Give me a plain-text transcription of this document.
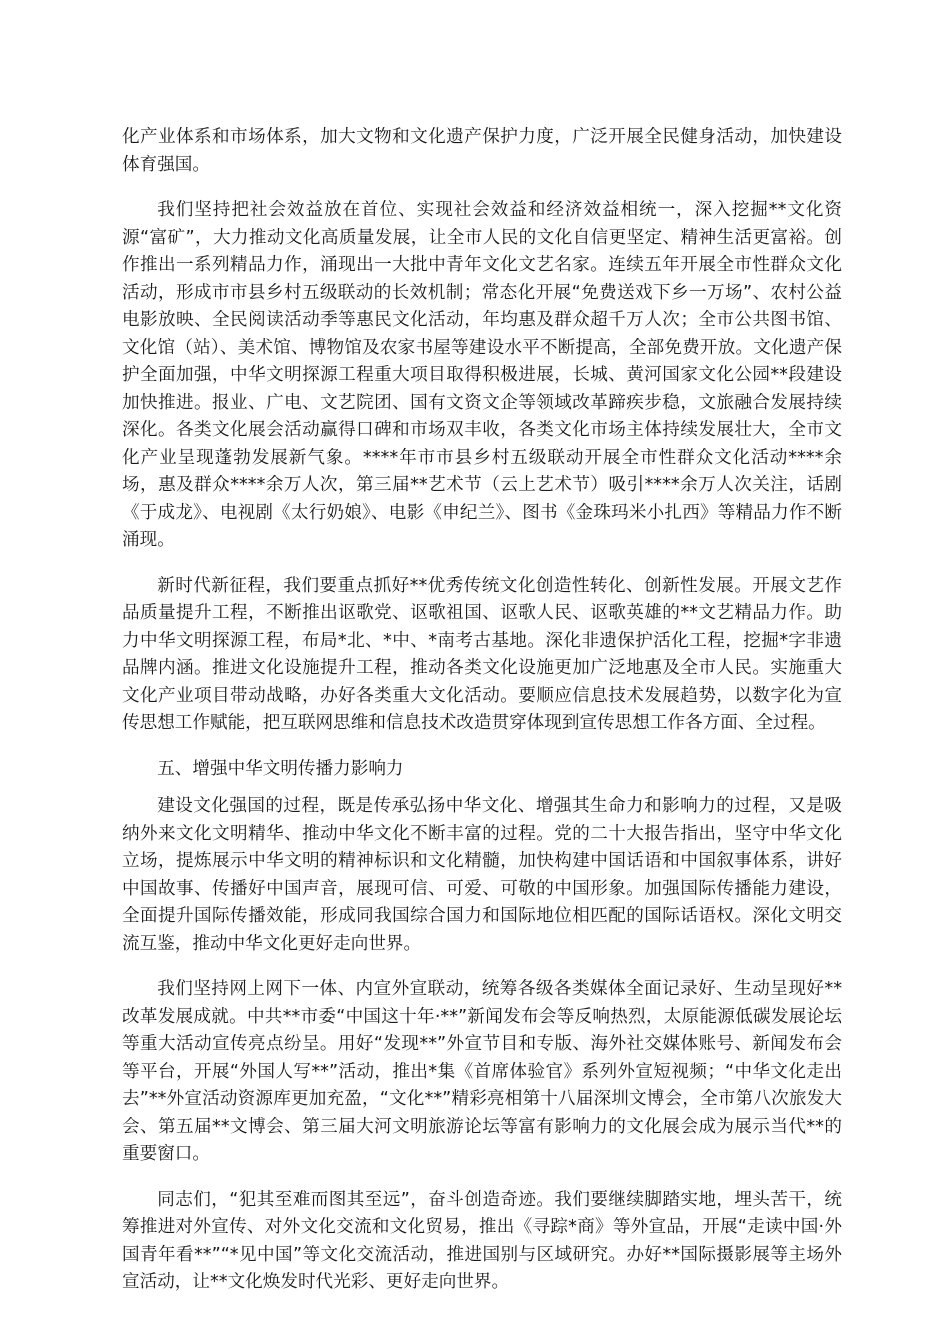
化产业体系和市场体系，加大文物和文化遗产保护力度，广泛开展全民健身活动，加快建设体育强国。

我们坚持把社会效益放在首位、实现社会效益和经济效益相统一，深入挖掘**文化资源“富矿”，大力推动文化高质量发展，让全市人民的文化自信更坚定、精神生活更富裕。创作推出一系列精品力作，涌现出一大批中青年文化文艺名家。连续五年开展全市性群众文化活动，形成市市县乡村五级联动的长效机制；常态化开展“免费送戏下乡一万场”、农村公益电影放映、全民阅读活动季等惠民文化活动，年均惠及群众超千万人次；全市公共图书馆、文化馆（站）、美术馆、博物馆及农家书屋等建设水平不断提高，全部免费开放。文化遗产保护全面加强，中华文明探源工程重大项目取得积极进展，长城、黄河国家文化公园**段建设加快推进。报业、广电、文艺院团、国有文资文企等领域改革蹄疾步稳，文旅融合发展持续深化。各类文化展会活动赢得口碑和市场双丰收，各类文化市场主体持续发展壮大，全市文化产业呈现蓬勃发展新气象。****年市市县乡村五级联动开展全市性群众文化活动****余场，惠及群众****余万人次，第三届**艺术节（云上艺术节）吸引****余万人次关注，话剧《于成龙》、电视剧《太行奶娘》、电影《申纪兰》、图书《金珠玛米小扎西》等精品力作不断涌现。

新时代新征程，我们要重点抓好**优秀传统文化创造性转化、创新性发展。开展文艺作品质量提升工程，不断推出讴歌党、讴歌祖国、讴歌人民、讴歌英雄的**文艺精品力作。助力中华文明探源工程，布局*北、*中、*南考古基地。深化非遗保护活化工程，挖掘*字非遗品牌内涵。推进文化设施提升工程，推动各类文化设施更加广泛地惠及全市人民。实施重大文化产业项目带动战略，办好各类重大文化活动。要顺应信息技术发展趋势，以数字化为宣传思想工作赋能，把互联网思维和信息技术改造贯穿体现到宣传思想工作各方面、全过程。

五、增强中华文明传播力影响力

建设文化强国的过程，既是传承弘扬中华文化、增强其生命力和影响力的过程，又是吸纳外来文化文明精华、推动中华文化不断丰富的过程。党的二十大报告指出，坚守中华文化立场，提炼展示中华文明的精神标识和文化精髓，加快构建中国话语和中国叙事体系，讲好中国故事、传播好中国声音，展现可信、可爱、可敬的中国形象。加强国际传播能力建设，全面提升国际传播效能，形成同我国综合国力和国际地位相匹配的国际话语权。深化文明交流互鉴，推动中华文化更好走向世界。

我们坚持网上网下一体、内宣外宣联动，统筹各级各类媒体全面记录好、生动呈现好**改革发展成就。中共**市委“中国这十年·**”新闻发布会等反响热烈，太原能源低碳发展论坛等重大活动宣传亮点纷呈。用好“发现**”外宣节目和专版、海外社交媒体账号、新闻发布会等平台，开展“外国人写**”活动，推出*集《首席体验官》系列外宣短视频；“中华文化走出去”**外宣活动资源库更加充盈，“文化**”精彩亮相第十八届深圳文博会，全市第八次旅发大会、第五届**文博会、第三届大河文明旅游论坛等富有影响力的文化展会成为展示当代**的重要窗口。

同志们，“犯其至难而图其至远”，奋斗创造奇迹。我们要继续脚踏实地，埋头苦干，统筹推进对外宣传、对外文化交流和文化贸易，推出《寻踪*商》等外宣品，开展“走读中国·外国青年看**”“*见中国”等文化交流活动，推进国别与区域研究。办好**国际摄影展等主场外宣活动，让**文化焕发时代光彩、更好走向世界。
